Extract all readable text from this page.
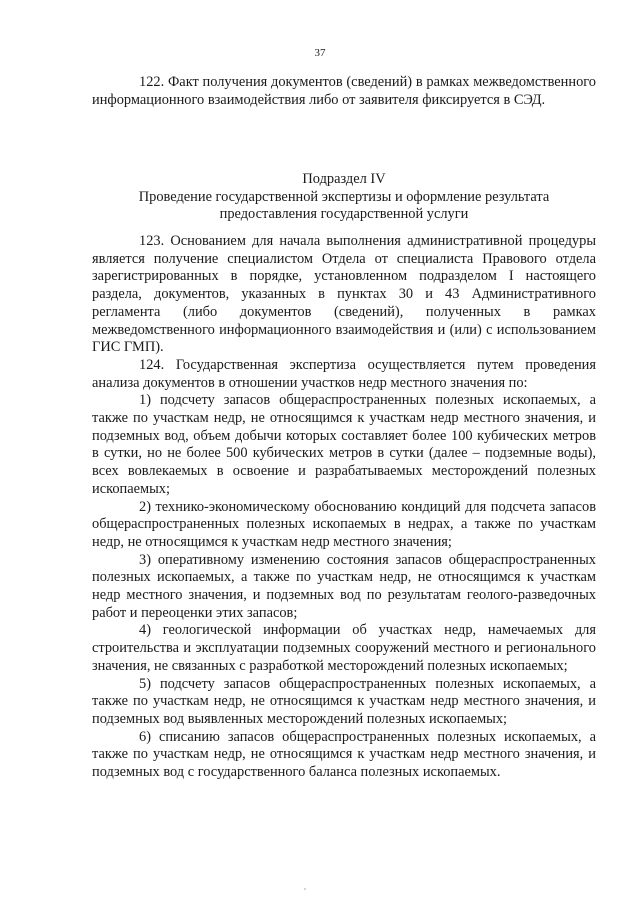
37

122. Факт получения документов (сведений) в рамках межведомственного информационного взаимодействия либо от заявителя фиксируется в СЭД.

Подраздел IV
Проведение государственной экспертизы и оформление результата
предоставления государственной услуги

123. Основанием для начала выполнения административной процедуры является получение специалистом Отдела от специалиста Правового отдела зарегистрированных в порядке, установленном подразделом I настоящего раздела, документов, указанных в пунктах 30 и 43 Административного регламента (либо документов (сведений), полученных в рамках межведомственного информационного взаимодействия и (или) с использованием ГИС ГМП).

124. Государственная экспертиза осуществляется путем проведения анализа документов в отношении участков недр местного значения по:

1) подсчету запасов общераспространенных полезных ископаемых, а также по участкам недр, не относящимся к участкам недр местного значения, и подземных вод, объем добычи которых составляет более 100 кубических метров в сутки, но не более 500 кубических метров в сутки (далее – подземные воды), всех вовлекаемых в освоение и разрабатываемых месторождений полезных ископаемых;

2) технико-экономическому обоснованию кондиций для подсчета запасов общераспространенных полезных ископаемых в недрах, а также по участкам недр, не относящимся к участкам недр местного значения;

3) оперативному изменению состояния запасов общераспространенных полезных ископаемых, а также по участкам недр, не относящимся к участкам недр местного значения, и подземных вод по результатам геолого-разведочных работ и переоценки этих запасов;

4) геологической информации об участках недр, намечаемых для строительства и эксплуатации подземных сооружений местного и регионального значения, не связанных с разработкой месторождений полезных ископаемых;

5) подсчету запасов общераспространенных полезных ископаемых, а также по участкам недр, не относящимся к участкам недр местного значения, и подземных вод выявленных месторождений полезных ископаемых;

6) списанию запасов общераспространенных полезных ископаемых, а также по участкам недр, не относящимся к участкам недр местного значения, и подземных вод с государственного баланса полезных ископаемых.
